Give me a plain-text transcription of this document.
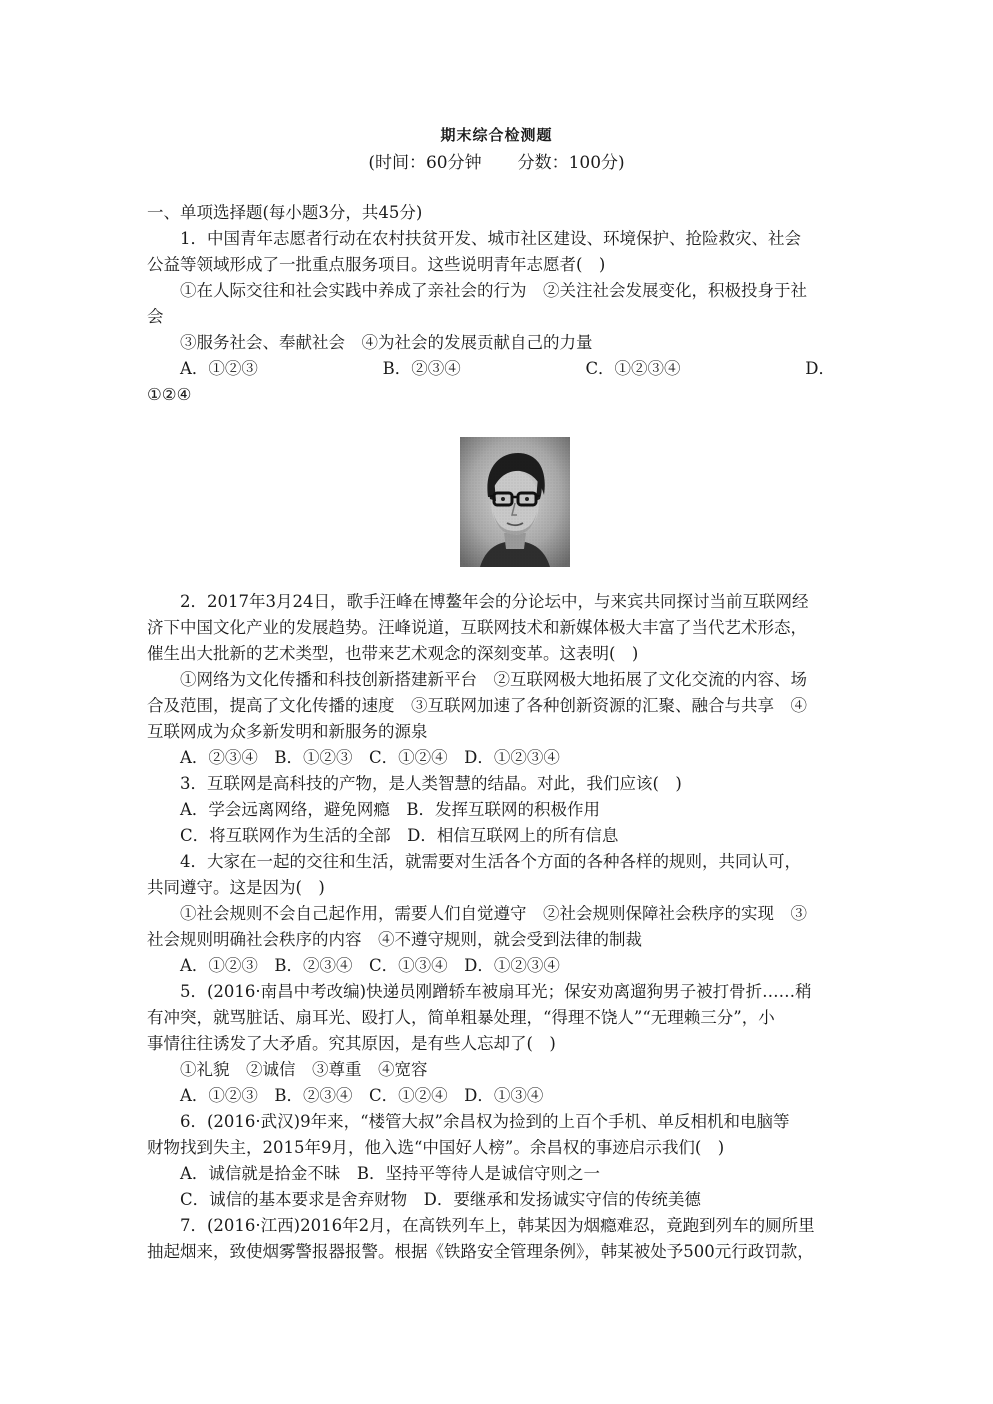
期末综合检测题
(时间：60分钟 分数：100分)
一、单项选择题(每小题3分，共45分)
1．中国青年志愿者行动在农村扶贫开发、城市社区建设、环境保护、抢险救灾、社会
公益等领域形成了一批重点服务项目。这些说明青年志愿者(　)
①在人际交往和社会实践中养成了亲社会的行为　②关注社会发展变化，积极投身于社
会
③服务社会、奉献社会　④为社会的发展贡献自己的力量
A．①②③	B．②③④	C．①②③④	D．
①②④
2．2017年3月24日，歌手汪峰在博鳌年会的分论坛中，与来宾共同探讨当前互联网经
济下中国文化产业的发展趋势。汪峰说道，互联网技术和新媒体极大丰富了当代艺术形态，
催生出大批新的艺术类型，也带来艺术观念的深刻变革。这表明(　)
①网络为文化传播和科技创新搭建新平台　②互联网极大地拓展了文化交流的内容、场
合及范围，提高了文化传播的速度　③互联网加速了各种创新资源的汇聚、融合与共享　④
互联网成为众多新发明和新服务的源泉
A．②③④　B．①②③　C．①②④　D．①②③④
3．互联网是高科技的产物，是人类智慧的结晶。对此，我们应该(　)
A．学会远离网络，避免网瘾　B．发挥互联网的积极作用
C．将互联网作为生活的全部　D．相信互联网上的所有信息
4．大家在一起的交往和生活，就需要对生活各个方面的各种各样的规则，共同认可，
共同遵守。这是因为(　)
①社会规则不会自己起作用，需要人们自觉遵守　②社会规则保障社会秩序的实现　③
社会规则明确社会秩序的内容　④不遵守规则，就会受到法律的制裁
A．①②③　B．②③④　C．①③④　D．①②③④
5．(2016·南昌中考改编)快递员刚蹭轿车被扇耳光；保安劝离遛狗男子被打骨折……稍
有冲突，就骂脏话、扇耳光、殴打人，简单粗暴处理，“得理不饶人”“无理赖三分”，小
事情往往诱发了大矛盾。究其原因，是有些人忘却了(　)
①礼貌　②诚信　③尊重　④宽容
A．①②③　B．②③④　C．①②④　D．①③④
6．(2016·武汉)9年来，“楼管大叔”余昌权为捡到的上百个手机、单反相机和电脑等
财物找到失主，2015年9月，他入选“中国好人榜”。余昌权的事迹启示我们(　)
A．诚信就是拾金不昧　B．坚持平等待人是诚信守则之一
C．诚信的基本要求是舍弃财物　D．要继承和发扬诚实守信的传统美德
7．(2016·江西)2016年2月，在高铁列车上，韩某因为烟瘾难忍，竟跑到列车的厕所里
抽起烟来，致使烟雾警报器报警。根据《铁路安全管理条例》，韩某被处予500元行政罚款，
